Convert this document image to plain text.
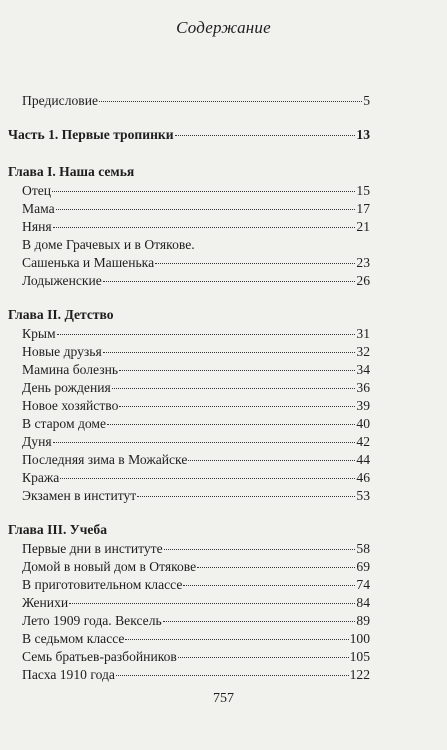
Содержание
Предисловие	5
Часть 1. Первые тропинки	13
Глава I. Наша семья
Отец	15
Мама	17
Няня	21
В доме Грачевых и в Отякове.
Сашенька и Машенька	23
Лодыженские	26
Глава II. Детство
Крым	31
Новые друзья	32
Мамина болезнь	34
День рождения	36
Новое хозяйство	39
В старом доме	40
Дуня	42
Последняя зима в Можайске	44
Кража	46
Экзамен в институт	53
Глава III. Учеба
Первые дни в институте	58
Домой в новый дом в Отякове	69
В приготовительном классе	74
Женихи	84
Лето 1909 года. Вексель	89
В седьмом классе	100
Семь братьев-разбойников	105
Пасха 1910 года	122
757
